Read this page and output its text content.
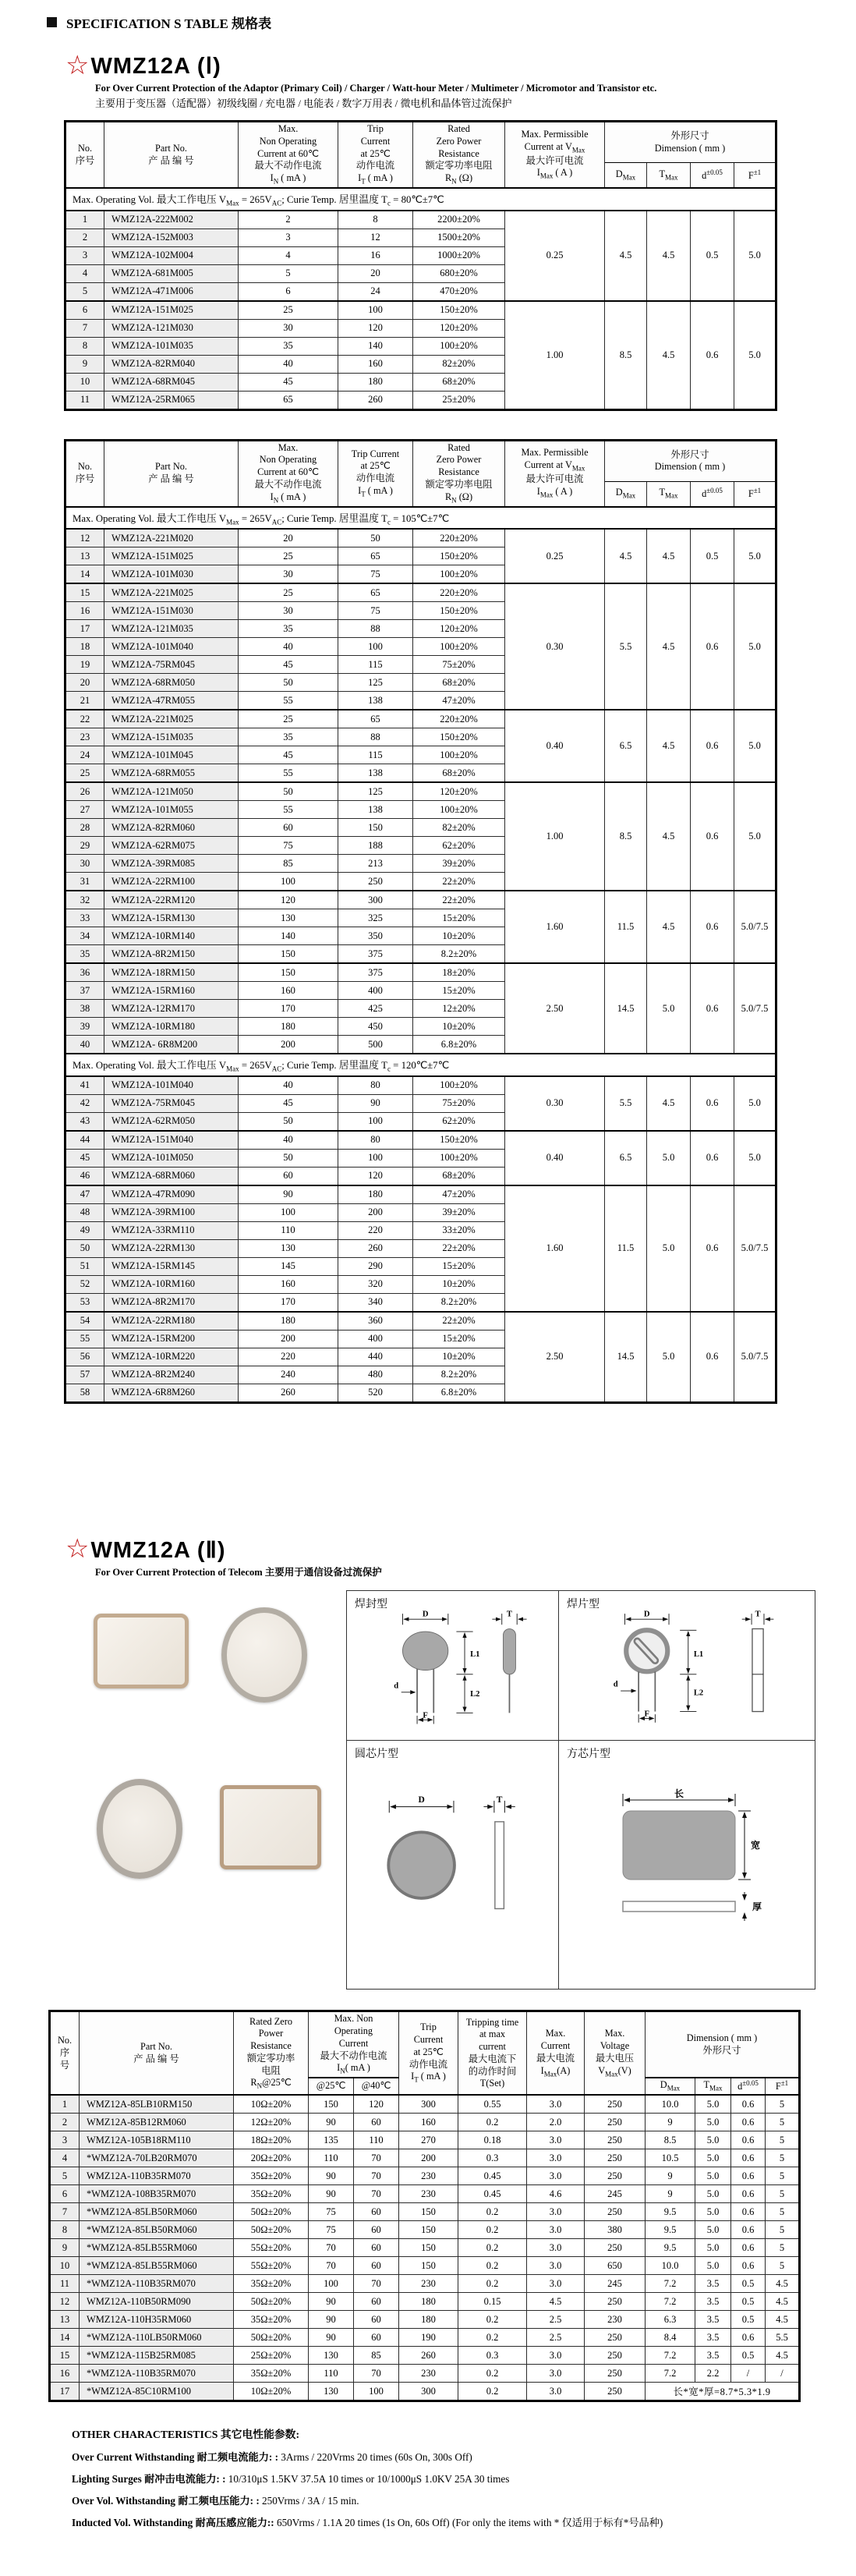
SPECIFICATION S TABLE 规格表
☆ WMZ12A (Ⅰ)
For Over Current Protection of the Adaptor (Primary Coil) / Charger / Watt-hour Meter / Multimeter / Micromotor and Transistor etc.
主要用于变压器（适配器）初级线圈 / 充电器 / 电能表 / 数字万用表 / 微电机和晶体管过流保护
No.
序号	Part No.
产 品 编 号	Max.
Non Operating
Current at 60℃
最大不动作电流
$I_N$ ( mA )	Trip
Current
at 25℃
动作电流
$I_T$ ( mA )	Rated
Zero Power
Resistance
额定零功率电阻
$R_N$ (Ω)	Max. Permissible
Current at $V_{Max}$
最大许可电流
$I_{Max}$ ( A )	外形尺寸
Dimension ( mm )			
						$D_{Max}$	$T_{Max}$	$d^{\pm 0.05}$	$F^{\pm 1}$
Max. Operating Vol. 最大工作电压 $V_{Max} = 265V_{AC}$; Curie Temp. 居里温度 $T_c$ = 80℃±7℃									
1	WMZ12A-222M002	2	8	2200±20%	0.25	4.5	4.5	0.5	5.0
2	WMZ12A-152M003	3	12	1500±20%					
3	WMZ12A-102M004	4	16	1000±20%					
4	WMZ12A-681M005	5	20	680±20%					
5	WMZ12A-471M006	6	24	470±20%					
6	WMZ12A-151M025	25	100	150±20%	1.00	8.5	4.5	0.6	5.0
7	WMZ12A-121M030	30	120	120±20%					
8	WMZ12A-101M035	35	140	100±20%					
9	WMZ12A-82RM040	40	160	82±20%					
10	WMZ12A-68RM045	45	180	68±20%					
11	WMZ12A-25RM065	65	260	25±20%					
No.
序号	Part No.
产 品 编 号	Max.
Non Operating
Current at 60℃
最大不动作电流
$I_N$ ( mA )	Trip Current
at 25℃
动作电流
$I_T$ ( mA )	Rated
Zero Power
Resistance
额定零功率电阻
$R_N$ (Ω)	Max. Permissible
Current at $V_{Max}$
最大许可电流
$I_{Max}$ ( A )	外形尺寸
Dimension ( mm )			
						$D_{Max}$	$T_{Max}$	$d^{\pm 0.05}$	$F^{\pm 1}$
Max. Operating Vol. 最大工作电压 $V_{Max} = 265V_{AC}$; Curie Temp. 居里温度 $T_c$ = 105℃±7℃									
12	WMZ12A-221M020	20	50	220±20%	0.25	4.5	4.5	0.5	5.0
13	WMZ12A-151M025	25	65	150±20%					
14	WMZ12A-101M030	30	75	100±20%					
15	WMZ12A-221M025	25	65	220±20%	0.30	5.5	4.5	0.6	5.0
16	WMZ12A-151M030	30	75	150±20%					
17	WMZ12A-121M035	35	88	120±20%					
18	WMZ12A-101M040	40	100	100±20%					
19	WMZ12A-75RM045	45	115	75±20%					
20	WMZ12A-68RM050	50	125	68±20%					
21	WMZ12A-47RM055	55	138	47±20%					
22	WMZ12A-221M025	25	65	220±20%	0.40	6.5	4.5	0.6	5.0
23	WMZ12A-151M035	35	88	150±20%					
24	WMZ12A-101M045	45	115	100±20%					
25	WMZ12A-68RM055	55	138	68±20%					
26	WMZ12A-121M050	50	125	120±20%	1.00	8.5	4.5	0.6	5.0
27	WMZ12A-101M055	55	138	100±20%					
28	WMZ12A-82RM060	60	150	82±20%					
29	WMZ12A-62RM075	75	188	62±20%					
30	WMZ12A-39RM085	85	213	39±20%					
31	WMZ12A-22RM100	100	250	22±20%					
32	WMZ12A-22RM120	120	300	22±20%	1.60	11.5	4.5	0.6	5.0/7.5
33	WMZ12A-15RM130	130	325	15±20%					
34	WMZ12A-10RM140	140	350	10±20%					
35	WMZ12A-8R2M150	150	375	8.2±20%					
36	WMZ12A-18RM150	150	375	18±20%	2.50	14.5	5.0	0.6	5.0/7.5
37	WMZ12A-15RM160	160	400	15±20%					
38	WMZ12A-12RM170	170	425	12±20%					
39	WMZ12A-10RM180	180	450	10±20%					
40	WMZ12A- 6R8M200	200	500	6.8±20%					
Max. Operating Vol. 最大工作电压 $V_{Max} = 265V_{AC}$; Curie Temp. 居里温度 $T_c$ = 120℃±7℃									
41	WMZ12A-101M040	40	80	100±20%	0.30	5.5	4.5	0.6	5.0
42	WMZ12A-75RM045	45	90	75±20%					
43	WMZ12A-62RM050	50	100	62±20%					
44	WMZ12A-151M040	40	80	150±20%	0.40	6.5	5.0	0.6	5.0
45	WMZ12A-101M050	50	100	100±20%					
46	WMZ12A-68RM060	60	120	68±20%					
47	WMZ12A-47RM090	90	180	47±20%	1.60	11.5	5.0	0.6	5.0/7.5
48	WMZ12A-39RM100	100	200	39±20%					
49	WMZ12A-33RM110	110	220	33±20%					
50	WMZ12A-22RM130	130	260	22±20%					
51	WMZ12A-15RM145	145	290	15±20%					
52	WMZ12A-10RM160	160	320	10±20%					
53	WMZ12A-8R2M170	170	340	8.2±20%					
54	WMZ12A-22RM180	180	360	22±20%	2.50	14.5	5.0	0.6	5.0/7.5
55	WMZ12A-15RM200	200	400	15±20%					
56	WMZ12A-10RM220	220	440	10±20%					
57	WMZ12A-8R2M240	240	480	8.2±20%					
58	WMZ12A-6R8M260	260	520	6.8±20%					
☆ WMZ12A (Ⅱ)
For Over Current Protection of Telecom 主要用于通信设备过流保护
焊封型
D
L1
L2
d
F
T
焊片型
D
L1
L2
d
F
T
圆芯片型
D	T
方芯片型
长
宽
厚
No.
序
号	Part No.
产 品 编 号	Rated Zero
Power
Resistance
额定零功率
电阻
$R_N@25℃$	Max. Non
Operating
Current
最大不动作电流
$I_N$( mA )	Trip
Current
at 25℃
动作电流
$I_T$ ( mA )	Tripping time
at max
current
最大电流下
的动作时间
T(Set)	Max.
Current
最大电流
$I_{Max}(A)$	Max.
Voltage
最大电压
$V_{Max}(V)$	Dimension ( mm )
外形尺寸
			@25℃	@40℃					$D_{Max}$	$T_{Max}$	$d^{\pm 0.05}$	$F^{\pm 1}$
1	WMZ12A-85LB10RM150	10Ω±20%	150	120	300	0.55	3.0	250	10.0	5.0	0.6	5
2	WMZ12A-85B12RM060	12Ω±20%	90	60	160	0.2	2.0	250	9	5.0	0.6	5
3	WMZ12A-105B18RM110	18Ω±20%	135	110	270	0.18	3.0	250	8.5	5.0	0.6	5
4	*WMZ12A-70LB20RM070	20Ω±20%	110	70	200	0.3	3.0	250	10.5	5.0	0.6	5
5	WMZ12A-110B35RM070	35Ω±20%	90	70	230	0.45	3.0	250	9	5.0	0.6	5
6	*WMZ12A-108B35RM070	35Ω±20%	90	70	230	0.45	4.6	245	9	5.0	0.6	5
7	*WMZ12A-85LB50RM060	50Ω±20%	75	60	150	0.2	3.0	250	9.5	5.0	0.6	5
8	*WMZ12A-85LB50RM060	50Ω±20%	75	60	150	0.2	3.0	380	9.5	5.0	0.6	5
9	*WMZ12A-85LB55RM060	55Ω±20%	70	60	150	0.2	3.0	250	9.5	5.0	0.6	5
10	*WMZ12A-85LB55RM060	55Ω±20%	70	60	150	0.2	3.0	650	10.0	5.0	0.6	5
11	*WMZ12A-110B35RM070	35Ω±20%	100	70	230	0.2	3.0	245	7.2	3.5	0.5	4.5
12	WMZ12A-110B50RM090	50Ω±20%	90	60	180	0.15	4.5	250	7.2	3.5	0.5	4.5
13	WMZ12A-110H35RM060	35Ω±20%	90	60	180	0.2	2.5	230	6.3	3.5	0.5	4.5
14	*WMZ12A-110LB50RM060	50Ω±20%	90	60	190	0.2	2.5	250	8.4	3.5	0.6	5.5
15	*WMZ12A-115B25RM085	25Ω±20%	130	85	260	0.3	3.0	250	7.2	3.5	0.5	4.5
16	*WMZ12A-110B35RM070	35Ω±20%	110	70	230	0.2	3.0	250	7.2	2.2	/	/
17	*WMZ12A-85C10RM100	10Ω±20%	130	100	300	0.2	3.0	250	长*宽*厚=8.7*5.3*1.9			
OTHER CHARACTERISTICS 其它电性能参数:
Over Current Withstanding 耐工频电流能力: : 3Arms / 220Vrms 20 times (60s On, 300s Off)
Lighting Surges 耐冲击电流能力: : 10/310μS 1.5KV 37.5A 10 times or 10/1000μS 1.0KV 25A 30 times
Over Vol. Withstanding 耐工频电压能力: : 250Vrms / 3A / 15 min.
Inducted Vol. Withstanding 耐高压感应能力:: 650Vrms / 1.1A 20 times (1s On, 60s Off) (For only the items with * 仅适用于标有*号品种)
